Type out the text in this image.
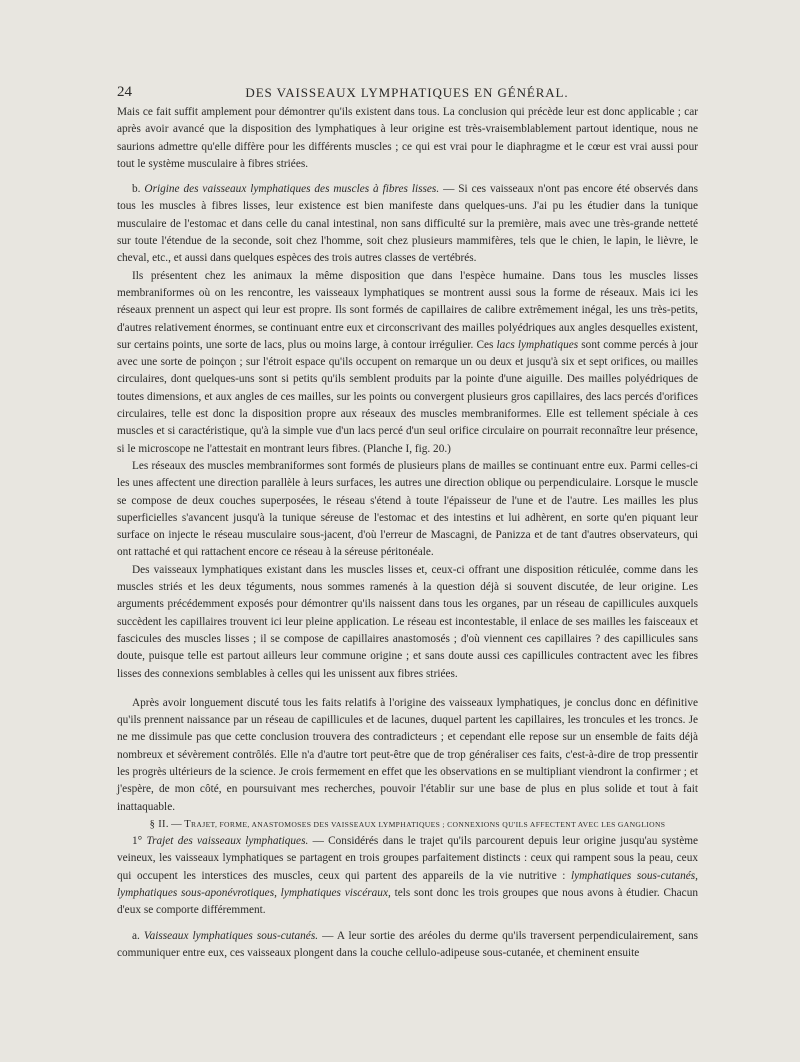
24	DES VAISSEAUX LYMPHATIQUES EN GÉNÉRAL.

Mais ce fait suffit amplement pour démontrer qu'ils existent dans tous. La conclusion qui précède leur est donc applicable ; car après avoir avancé que la disposition des lymphatiques à leur origine est très-vraisemblablement partout identique, nous ne saurions admettre qu'elle diffère pour les différents muscles ; ce qui est vrai pour le diaphragme et le cœur est vrai aussi pour tout le système musculaire à fibres striées.

b. Origine des vaisseaux lymphatiques des muscles à fibres lisses. — Si ces vaisseaux n'ont pas encore été observés dans tous les muscles à fibres lisses, leur existence est bien manifeste dans quelques-uns. J'ai pu les étudier dans la tunique musculaire de l'estomac et dans celle du canal intestinal, non sans difficulté sur la première, mais avec une très-grande netteté sur toute l'étendue de la seconde, soit chez l'homme, soit chez plusieurs mammifères, tels que le chien, le lapin, le lièvre, le cheval, etc., et aussi dans quelques espèces des trois autres classes de vertébrés.

Ils présentent chez les animaux la même disposition que dans l'espèce humaine. Dans tous les muscles lisses membraniformes où on les rencontre, les vaisseaux lymphatiques se montrent aussi sous la forme de réseaux. Mais ici les réseaux prennent un aspect qui leur est propre. Ils sont formés de capillaires de calibre extrêmement inégal, les uns très-petits, d'autres relativement énormes, se continuant entre eux et circonscrivant des mailles polyédriques aux angles desquelles existent, sur certains points, une sorte de lacs, plus ou moins large, à contour irrégulier. Ces lacs lymphatiques sont comme percés à jour avec une sorte de poinçon ; sur l'étroit espace qu'ils occupent on remarque un ou deux et jusqu'à six et sept orifices, ou mailles circulaires, dont quelques-uns sont si petits qu'ils semblent produits par la pointe d'une aiguille. Des mailles polyédriques de toutes dimensions, et aux angles de ces mailles, sur les points ou convergent plusieurs gros capillaires, des lacs percés d'orifices circulaires, telle est donc la disposition propre aux réseaux des muscles membraniformes. Elle est tellement spéciale à ces muscles et si caractéristique, qu'à la simple vue d'un lacs percé d'un seul orifice circulaire on pourrait reconnaître leur présence, si le microscope ne l'attestait en montrant leurs fibres. (Planche I, fig. 20.)

Les réseaux des muscles membraniformes sont formés de plusieurs plans de mailles se continuant entre eux. Parmi celles-ci les unes affectent une direction parallèle à leurs surfaces, les autres une direction oblique ou perpendiculaire. Lorsque le muscle se compose de deux couches superposées, le réseau s'étend à toute l'épaisseur de l'une et de l'autre. Les mailles les plus superficielles s'avancent jusqu'à la tunique séreuse de l'estomac et des intestins et lui adhèrent, en sorte qu'en piquant leur surface on injecte le réseau musculaire sous-jacent, d'où l'erreur de Mascagni, de Panizza et de tant d'autres observateurs, qui ont rattaché et qui rattachent encore ce réseau à la séreuse péritonéale.

Des vaisseaux lymphatiques existant dans les muscles lisses et, ceux-ci offrant une disposition réticulée, comme dans les muscles striés et les deux téguments, nous sommes ramenés à la question déjà si souvent discutée, de leur origine. Les arguments précédemment exposés pour démontrer qu'ils naissent dans tous les organes, par un réseau de capillicules auxquels succèdent les capillaires trouvent ici leur pleine application. Le réseau est incontestable, il enlace de ses mailles les faisceaux et fascicules des muscles lisses ; il se compose de capillaires anastomosés ; d'où viennent ces capillaires ? des capillicules sans doute, puisque telle est partout ailleurs leur commune origine ; et sans doute aussi ces capillicules contractent avec les fibres lisses des connexions semblables à celles qui les unissent aux fibres striées.

Après avoir longuement discuté tous les faits relatifs à l'origine des vaisseaux lymphatiques, je conclus donc en définitive qu'ils prennent naissance par un réseau de capillicules et de lacunes, duquel partent les capillaires, les troncules et les troncs. Je ne me dissimule pas que cette conclusion trouvera des contradicteurs ; et cependant elle repose sur un ensemble de faits déjà nombreux et sévèrement contrôlés. Elle n'a d'autre tort peut-être que de trop généraliser ces faits, c'est-à-dire de trop pressentir les progrès ultérieurs de la science. Je crois fermement en effet que les observations en se multipliant viendront la confirmer ; et j'espère, de mon côté, en poursuivant mes recherches, pouvoir l'établir sur une base de plus en plus solide et tout à fait inattaquable.

§ II. — TRAJET, FORME, ANASTOMOSES DES VAISSEAUX LYMPHATIQUES ; CONNEXIONS QU'ILS AFFECTENT AVEC LES GANGLIONS

1° Trajet des vaisseaux lymphatiques. — Considérés dans le trajet qu'ils parcourent depuis leur origine jusqu'au système veineux, les vaisseaux lymphatiques se partagent en trois groupes parfaitement distincts : ceux qui rampent sous la peau, ceux qui occupent les interstices des muscles, ceux qui partent des appareils de la vie nutritive : lymphatiques sous-cutanés, lymphatiques sous-aponévrotiques, lymphatiques viscéraux, tels sont donc les trois groupes que nous avons à étudier. Chacun d'eux se comporte différemment.

a. Vaisseaux lymphatiques sous-cutanés. — A leur sortie des aréoles du derme qu'ils traversent perpendiculairement, sans communiquer entre eux, ces vaisseaux plongent dans la couche cellulo-adipeuse sous-cutanée, et cheminent ensuite
